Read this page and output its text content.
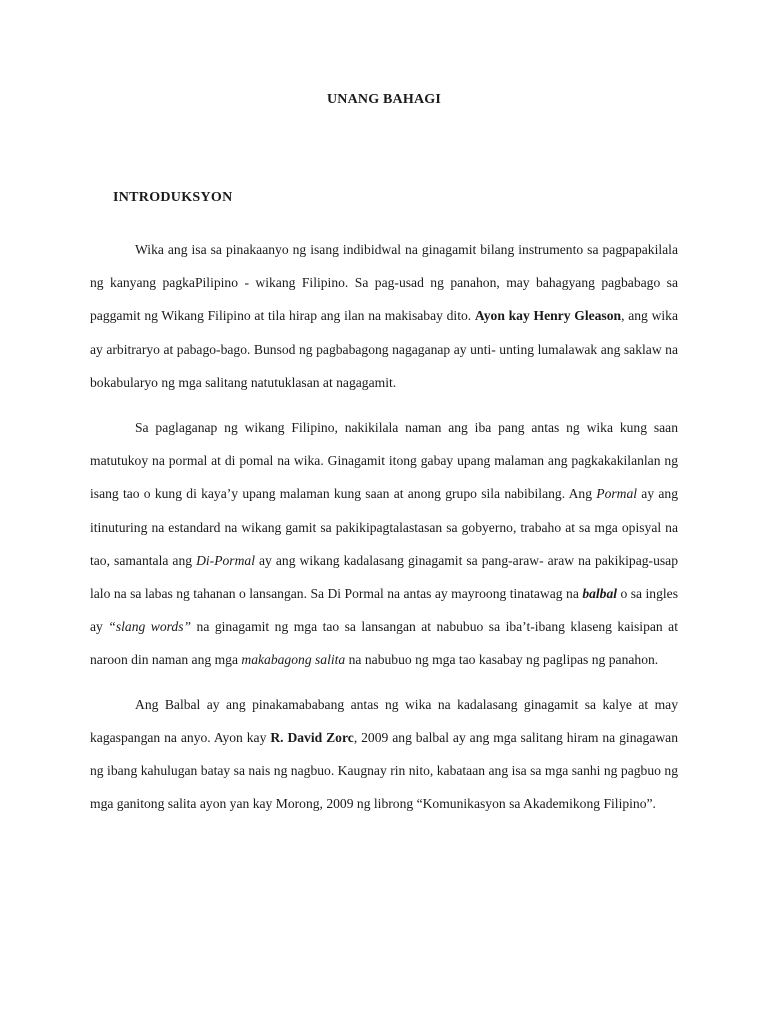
UNANG BAHAGI
INTRODUKSYON

Wika ang isa sa pinakaanyo ng isang indibidwal na ginagamit bilang instrumento sa pagpapakilala ng kanyang pagkaPilipino - wikang Filipino. Sa pag-usad ng panahon, may bahagyang pagbabago sa paggamit ng Wikang Filipino at tila hirap ang ilan na makisabay dito. Ayon kay Henry Gleason, ang wika ay arbitraryo at pabago-bago. Bunsod ng pagbabagong nagaganap ay unti- unting lumalawak ang saklaw na bokabularyo ng mga salitang natutuklasan at nagagamit.

Sa paglaganap ng wikang Filipino, nakikilala naman ang iba pang antas ng wika kung saan matutukoy na pormal at di pomal na wika. Ginagamit itong gabay upang malaman ang pagkakakilanlan ng isang tao o kung di kaya’y upang malaman kung saan at anong grupo sila nabibilang. Ang Pormal ay ang itinuturing na estandard na wikang gamit sa pakikipagtalastasan sa gobyerno, trabaho at sa mga opisyal na tao, samantala ang Di-Pormal ay ang wikang kadalasang ginagamit sa pang-araw- araw na pakikipag-usap lalo na sa labas ng tahanan o lansangan. Sa Di Pormal na antas ay mayroong tinatawag na balbal o sa ingles ay “slang words” na ginagamit ng mga tao sa lansangan at nabubuo sa iba’t-ibang klaseng kaisipan at naroon din naman ang mga makabagong salita na nabubuo ng mga tao kasabay ng paglipas ng panahon.

Ang Balbal ay ang pinakamababang antas ng wika na kadalasang ginagamit sa kalye at may kagaspangan na anyo. Ayon kay R. David Zorc, 2009 ang balbal ay ang mga salitang hiram na ginagawan ng ibang kahulugan batay sa nais ng nagbuo. Kaugnay rin nito, kabataan ang isa sa mga sanhi ng pagbuo ng mga ganitong salita ayon yan kay Morong, 2009 ng librong “Komunikasyon sa Akademikong Filipino”.
